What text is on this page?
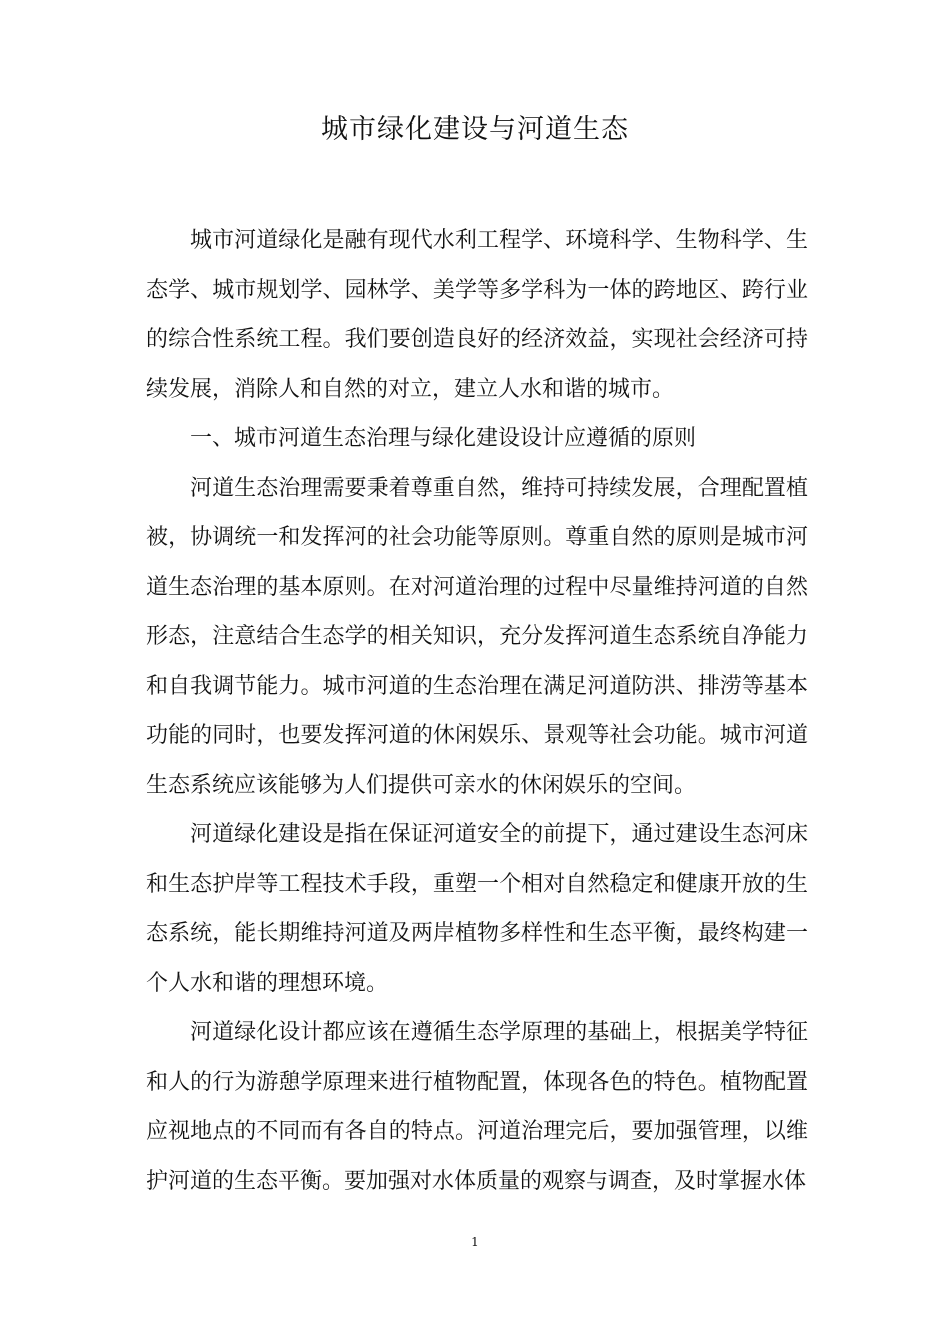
城市绿化建设与河道生态

城市河道绿化是融有现代水利工程学、环境科学、生物科学、生态学、城市规划学、园林学、美学等多学科为一体的跨地区、跨行业的综合性系统工程。我们要创造良好的经济效益，实现社会经济可持续发展，消除人和自然的对立，建立人水和谐的城市。

一、城市河道生态治理与绿化建设设计应遵循的原则

河道生态治理需要秉着尊重自然，维持可持续发展，合理配置植被，协调统一和发挥河的社会功能等原则。尊重自然的原则是城市河道生态治理的基本原则。在对河道治理的过程中尽量维持河道的自然形态，注意结合生态学的相关知识，充分发挥河道生态系统自净能力和自我调节能力。城市河道的生态治理在满足河道防洪、排涝等基本功能的同时，也要发挥河道的休闲娱乐、景观等社会功能。城市河道生态系统应该能够为人们提供可亲水的休闲娱乐的空间。

河道绿化建设是指在保证河道安全的前提下，通过建设生态河床和生态护岸等工程技术手段，重塑一个相对自然稳定和健康开放的生态系统，能长期维持河道及两岸植物多样性和生态平衡，最终构建一个人水和谐的理想环境。

河道绿化设计都应该在遵循生态学原理的基础上，根据美学特征和人的行为游憩学原理来进行植物配置，体现各色的特色。植物配置应视地点的不同而有各自的特点。河道治理完后，要加强管理，以维护河道的生态平衡。要加强对水体质量的观察与调查，及时掌握水体

1
